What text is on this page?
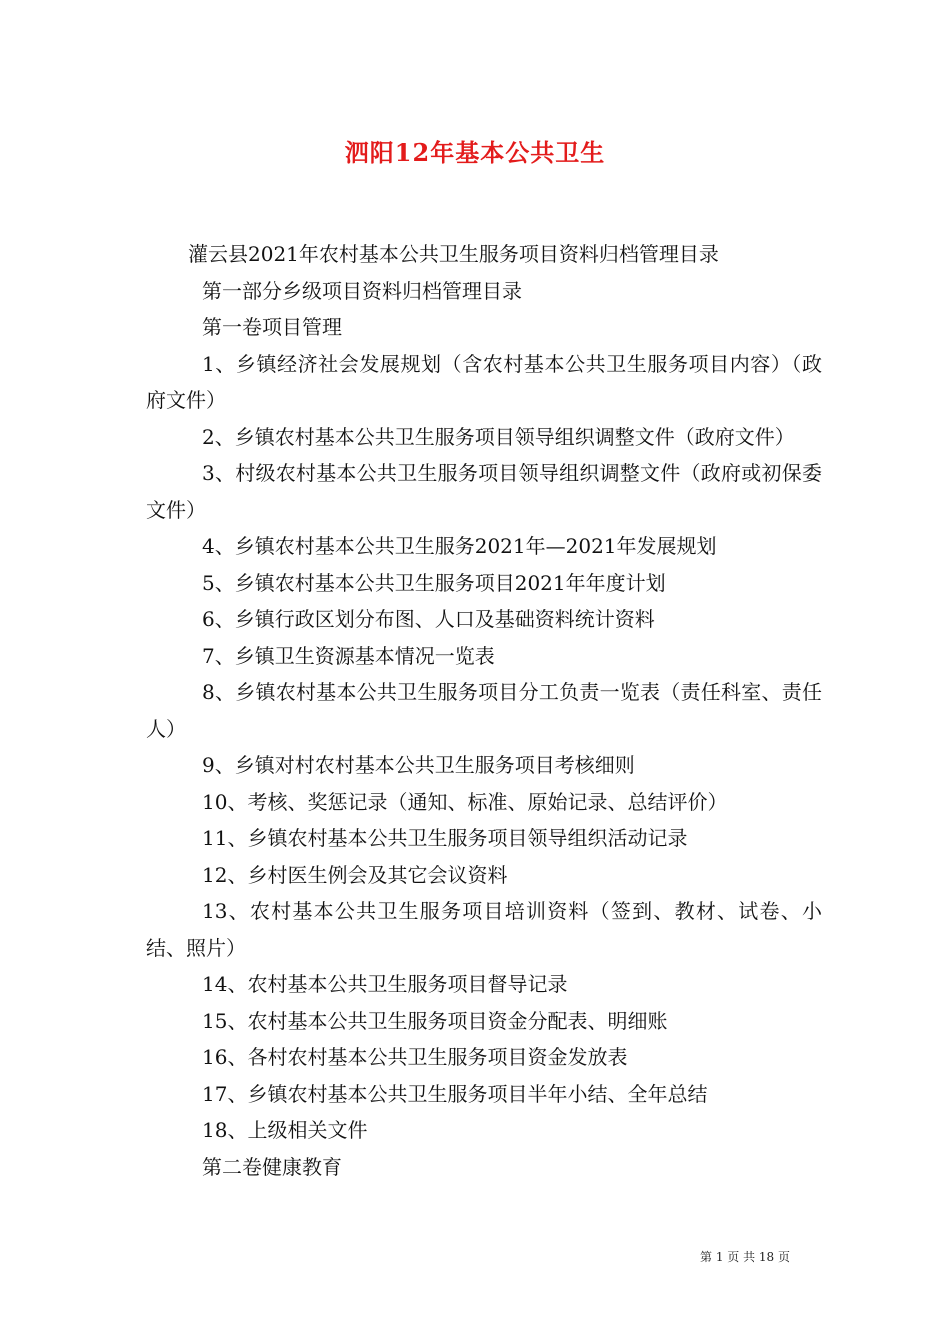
泗阳12年基本公共卫生

灌云县2021年农村基本公共卫生服务项目资料归档管理目录

第一部分乡级项目资料归档管理目录

第一卷项目管理

1、乡镇经济社会发展规划（含农村基本公共卫生服务项目内容）（政府文件）

2、乡镇农村基本公共卫生服务项目领导组织调整文件（政府文件）

3、村级农村基本公共卫生服务项目领导组织调整文件（政府或初保委文件）

4、乡镇农村基本公共卫生服务2021年—2021年发展规划

5、乡镇农村基本公共卫生服务项目2021年年度计划

6、乡镇行政区划分布图、人口及基础资料统计资料

7、乡镇卫生资源基本情况一览表

8、乡镇农村基本公共卫生服务项目分工负责一览表（责任科室、责任人）

9、乡镇对村农村基本公共卫生服务项目考核细则

10、考核、奖惩记录（通知、标准、原始记录、总结评价）

11、乡镇农村基本公共卫生服务项目领导组织活动记录

12、乡村医生例会及其它会议资料

13、农村基本公共卫生服务项目培训资料（签到、教材、试卷、小结、照片）

14、农村基本公共卫生服务项目督导记录

15、农村基本公共卫生服务项目资金分配表、明细账

16、各村农村基本公共卫生服务项目资金发放表

17、乡镇农村基本公共卫生服务项目半年小结、全年总结

18、上级相关文件

第二卷健康教育

第 1 页 共 18 页
